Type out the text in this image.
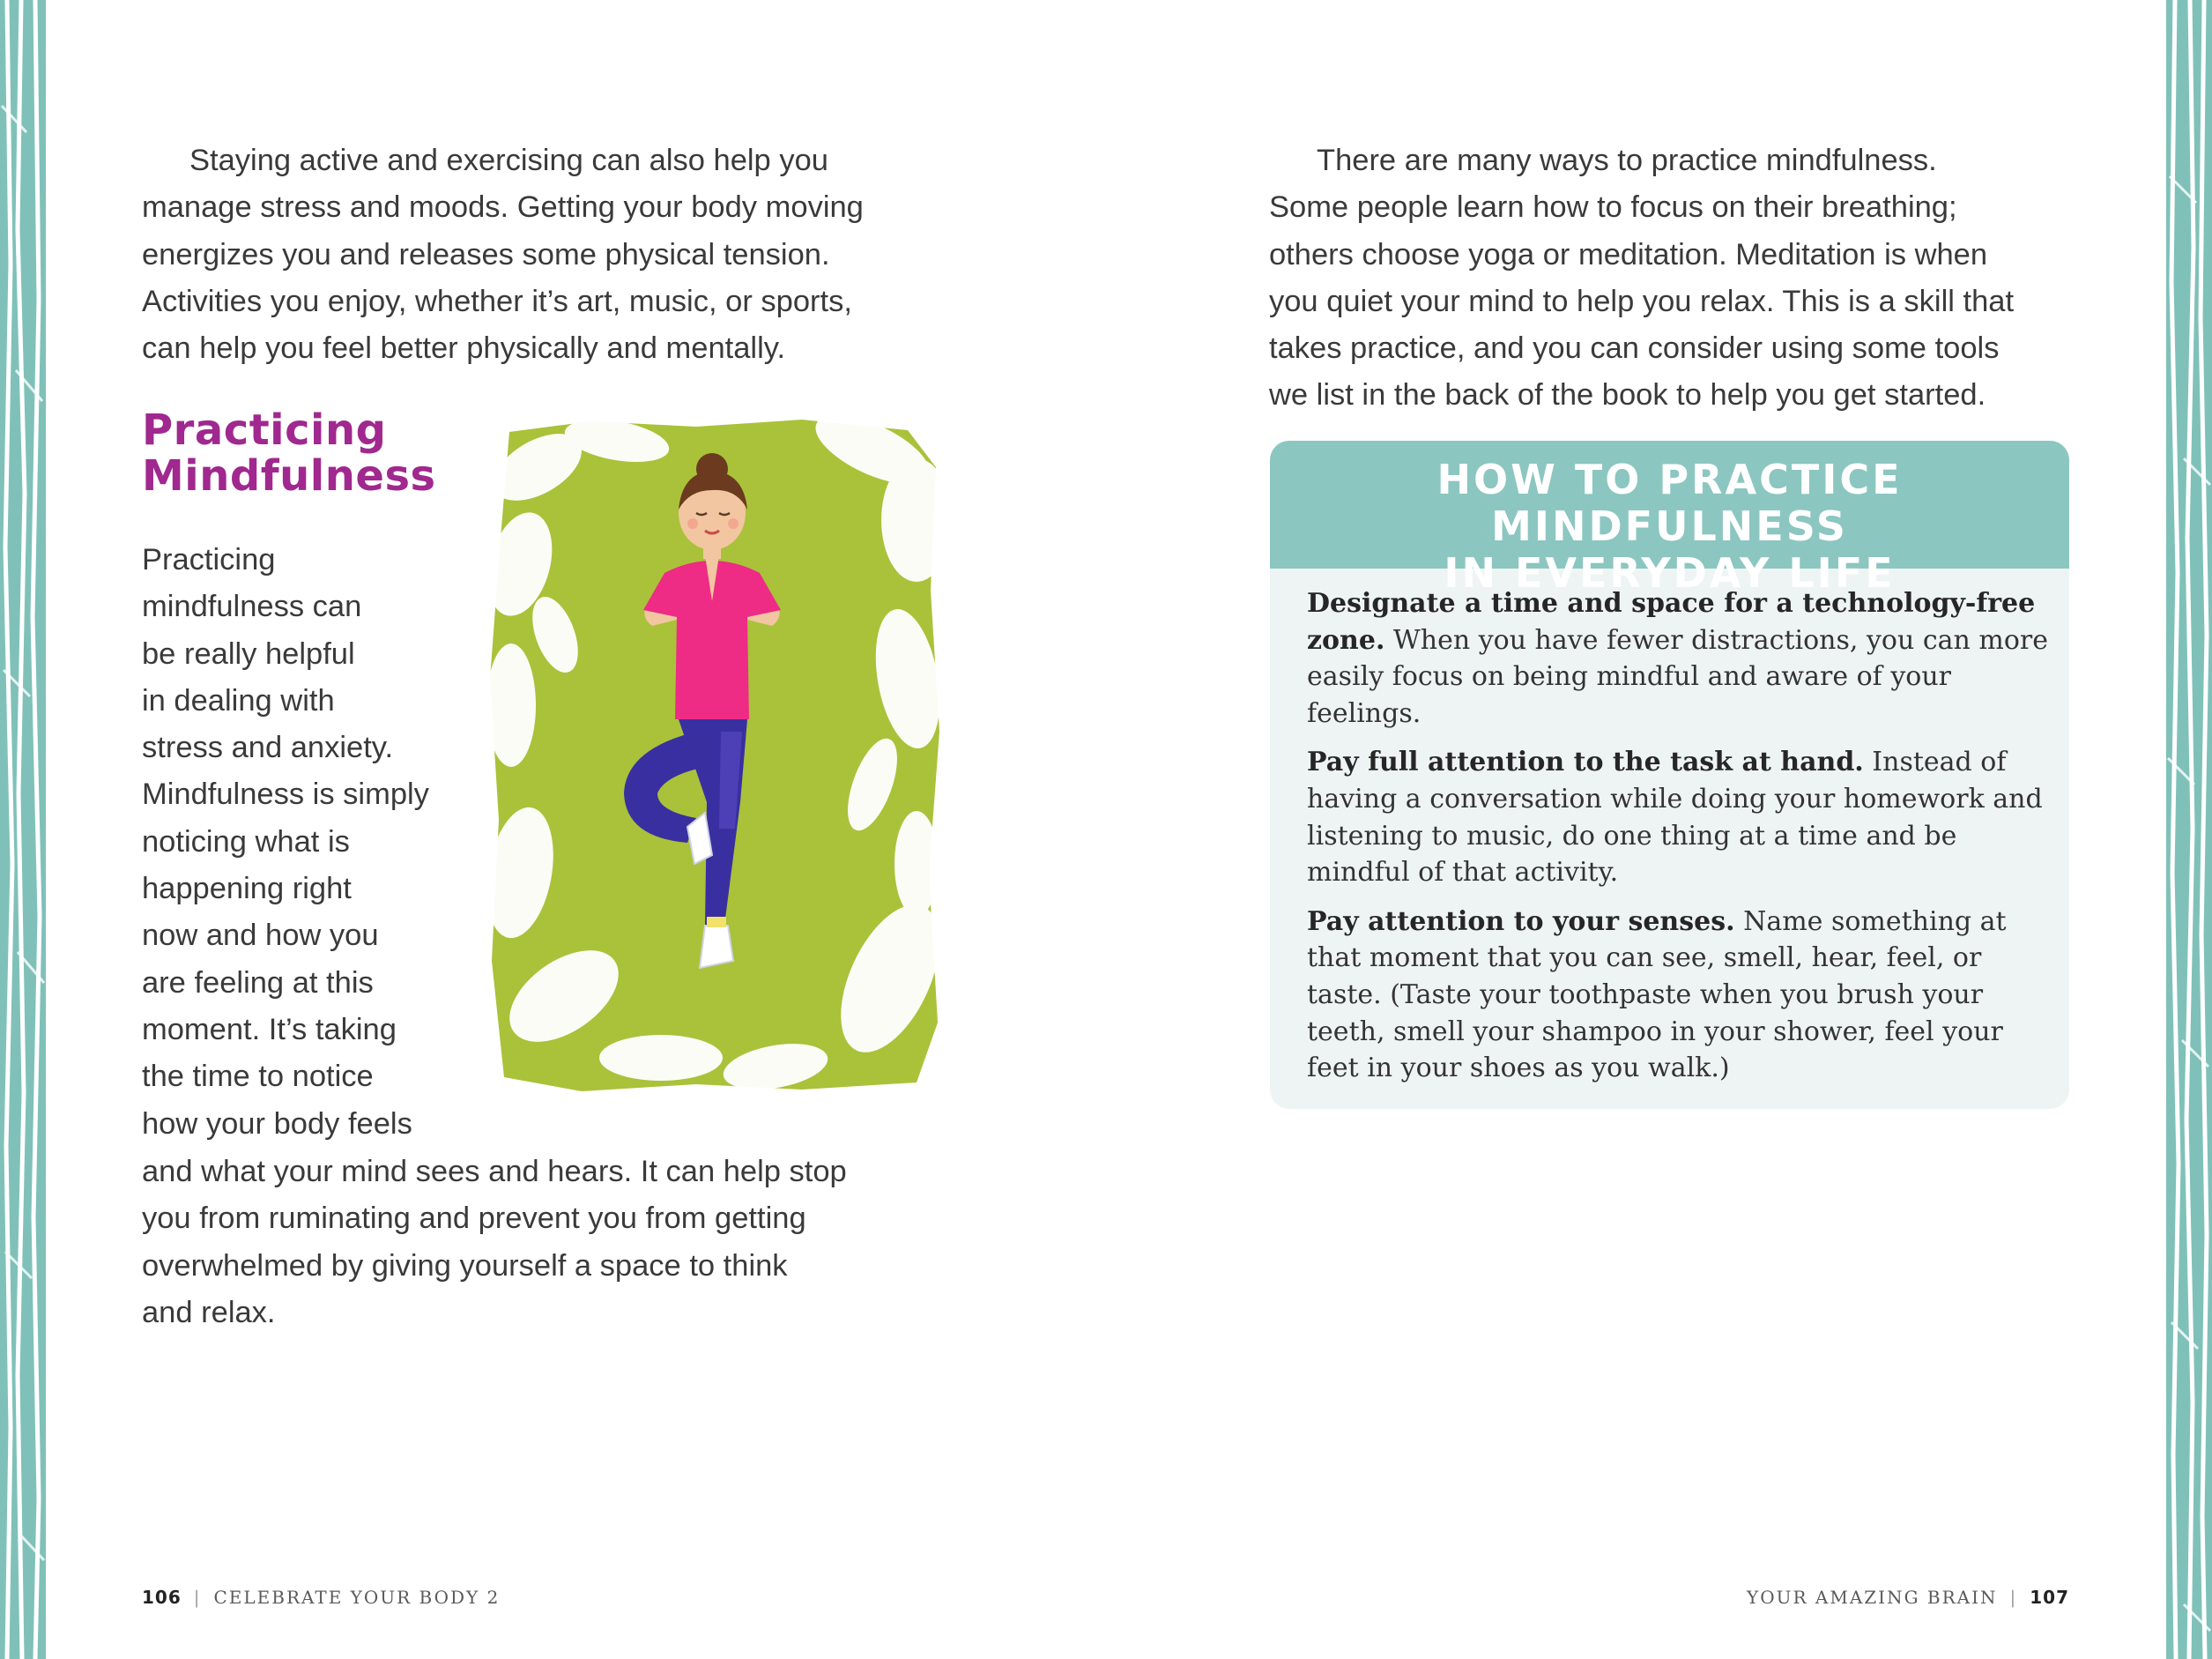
Staying active and exercising can also help you
manage stress and moods. Getting your body moving
energizes you and releases some physical tension.
Activities you enjoy, whether it’s art, music, or sports,
can help you feel better physically and mentally.

Practicing
Mindfulness

Practicing
mindfulness can
be really helpful
in dealing with
stress and anxiety.
Mindfulness is simply
noticing what is
happening right
now and how you
are feeling at this
moment. It’s taking
the time to notice
how your body feels

and what your mind sees and hears. It can help stop
you from ruminating and prevent you from getting
overwhelmed by giving yourself a space to think
and relax.

There are many ways to practice mindfulness.
Some people learn how to focus on their breathing;
others choose yoga or meditation. Meditation is when
you quiet your mind to help you relax. This is a skill that
takes practice, and you can consider using some tools
we list in the back of the book to help you get started.

HOW TO PRACTICE MINDFULNESS
IN EVERYDAY LIFE

Designate a time and space for a technology-free zone. When you have fewer distractions, you can more easily focus on being mindful and aware of your feelings.

Pay full attention to the task at hand. Instead of having a conversation while doing your homework and listening to music, do one thing at a time and be mindful of that activity.

Pay attention to your senses. Name something at that moment that you can see, smell, hear, feel, or taste. (Taste your toothpaste when you brush your teeth, smell your shampoo in your shower, feel your feet in your shoes as you walk.)

106 | CELEBRATE YOUR BODY 2	YOUR AMAZING BRAIN | 107
